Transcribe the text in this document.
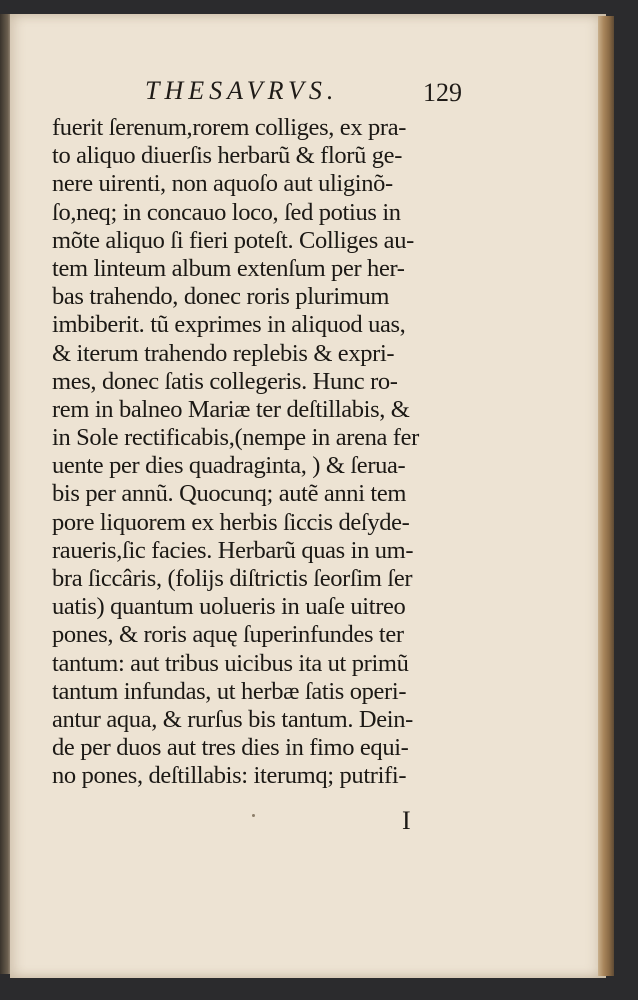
THESAVRVS.	129
fuerit ſerenum,rorem colliges, ex pra-
to aliquo diuerſis herbarũ & florũ ge-
nere uirenti, non aquoſo aut uliginõ-
ſo,neq; in concauo loco, ſed potius in
mõte aliquo ſi fieri poteſt. Colliges au-
tem linteum album extenſum per her-
bas trahendo, donec roris plurimum
imbiberit. tũ exprimes in aliquod uas,
& iterum trahendo replebis & expri-
mes, donec ſatis collegeris. Hunc ro-
rem in balneo Mariæ ter deſtillabis, &
in Sole rectificabis,(nempe in arena fer
uente per dies quadraginta, ) & ſerua-
bis per annũ. Quocunq; autẽ anni tem
pore liquorem ex herbis ſiccis deſyde-
raueris,ſic facies. Herbarũ quas in um-
bra ſiccâris, (folijs diſtrictis ſeorſim ſer
uatis) quantum uolueris in uaſe uitreo
pones, & roris aquę ſuperinfundes ter
tantum: aut tribus uicibus ita ut primũ
tantum infundas, ut herbæ ſatis operi-
antur aqua, & rurſus bis tantum. Dein-
de per duos aut tres dies in fimo equi-
no pones, deſtillabis: iterumq; putrifi-
I
